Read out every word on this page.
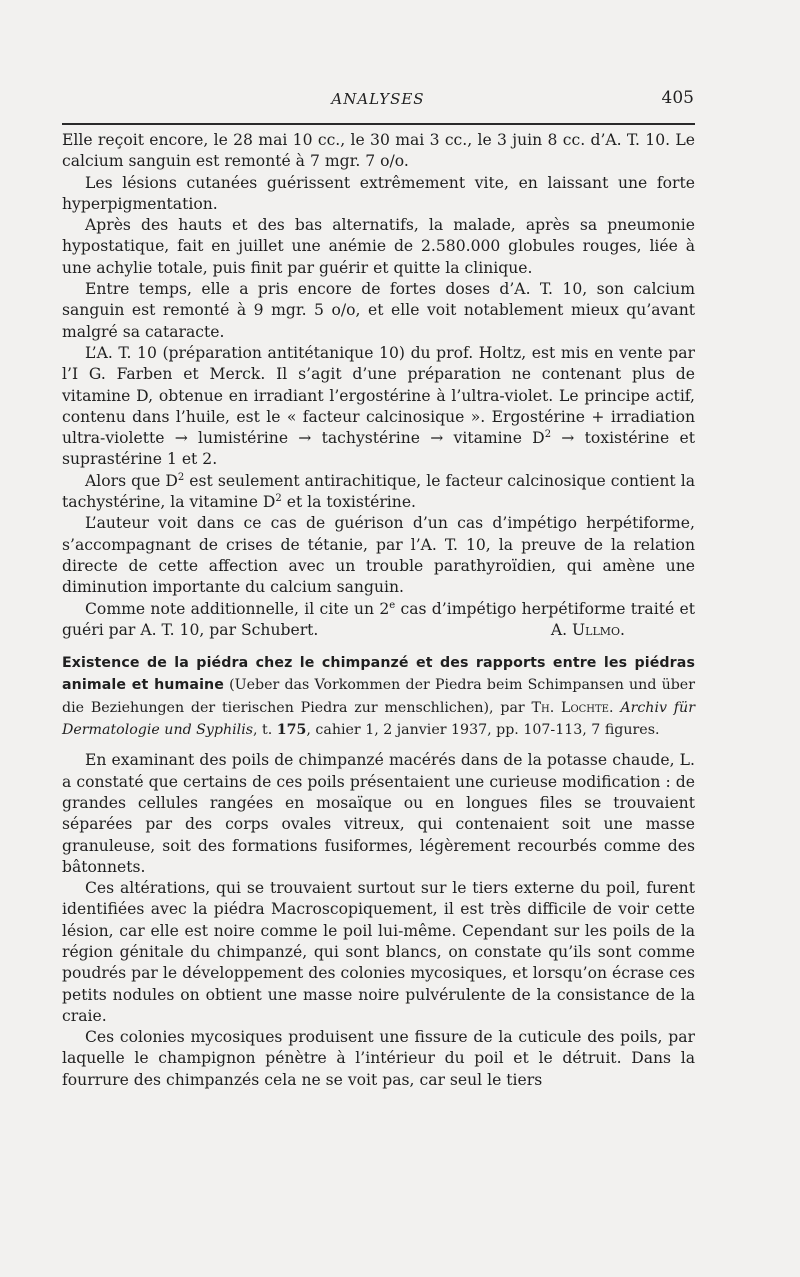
ANALYSES	405

Elle reçoit encore, le 28 mai 10 cc., le 30 mai 3 cc., le 3 juin 8 cc. d’A. T. 10. Le calcium sanguin est remonté à 7 mgr. 7 o/o.

Les lésions cutanées guérissent extrêmement vite, en laissant une forte hyperpigmentation.

Après des hauts et des bas alternatifs, la malade, après sa pneumonie hypostatique, fait en juillet une anémie de 2.580.000 globules rouges, liée à une achylie totale, puis finit par guérir et quitte la clinique.

Entre temps, elle a pris encore de fortes doses d’A. T. 10, son calcium sanguin est remonté à 9 mgr. 5 o/o, et elle voit notablement mieux qu’avant malgré sa cataracte.

L’A. T. 10 (préparation antitétanique 10) du prof. Holtz, est mis en vente par l’I G. Farben et Merck. Il s’agit d’une préparation ne contenant plus de vitamine D, obtenue en irradiant l’ergostérine à l’ultra-violet. Le principe actif, contenu dans l’huile, est le « facteur calcinosique ». Ergostérine + irradiation ultra-violette → lumistérine → tachystérine → vitamine $D^2$ → toxistérine et suprastérine 1 et 2.

Alors que $D^2$ est seulement antirachitique, le facteur calcinosique contient la tachystérine, la vitamine $D^2$ et la toxistérine.

L’auteur voit dans ce cas de guérison d’un cas d’impétigo herpétiforme, s’accompagnant de crises de tétanie, par l’A. T. 10, la preuve de la relation directe de cette affection avec un trouble parathyroïdien, qui amène une diminution importante du calcium sanguin.

Comme note additionnelle, il cite un 2e cas d’impétigo herpétiforme traité et guéri par A. T. 10, par Schubert.	A. Ullmo.

Existence de la piédra chez le chimpanzé et des rapports entre les piédras animale et humaine (Ueber das Vorkommen der Piedra beim Schimpansen und über die Beziehungen der tierischen Piedra zur menschlichen), par Th. Lochte. Archiv für Dermatologie und Syphilis, t. 175, cahier 1, 2 janvier 1937, pp. 107-113, 7 figures.

En examinant des poils de chimpanzé macérés dans de la potasse chaude, L. a constaté que certains de ces poils présentaient une curieuse modification : de grandes cellules rangées en mosaïque ou en longues files se trouvaient séparées par des corps ovales vitreux, qui contenaient soit une masse granuleuse, soit des formations fusiformes, légèrement recourbés comme des bâtonnets.

Ces altérations, qui se trouvaient surtout sur le tiers externe du poil, furent identifiées avec la piédra Macroscopiquement, il est très difficile de voir cette lésion, car elle est noire comme le poil lui-même. Cependant sur les poils de la région génitale du chimpanzé, qui sont blancs, on constate qu’ils sont comme poudrés par le développement des colonies mycosiques, et lorsqu’on écrase ces petits nodules on obtient une masse noire pulvérulente de la consistance de la craie.

Ces colonies mycosiques produisent une fissure de la cuticule des poils, par laquelle le champignon pénètre à l’intérieur du poil et le détruit. Dans la fourrure des chimpanzés cela ne se voit pas, car seul le tiers
